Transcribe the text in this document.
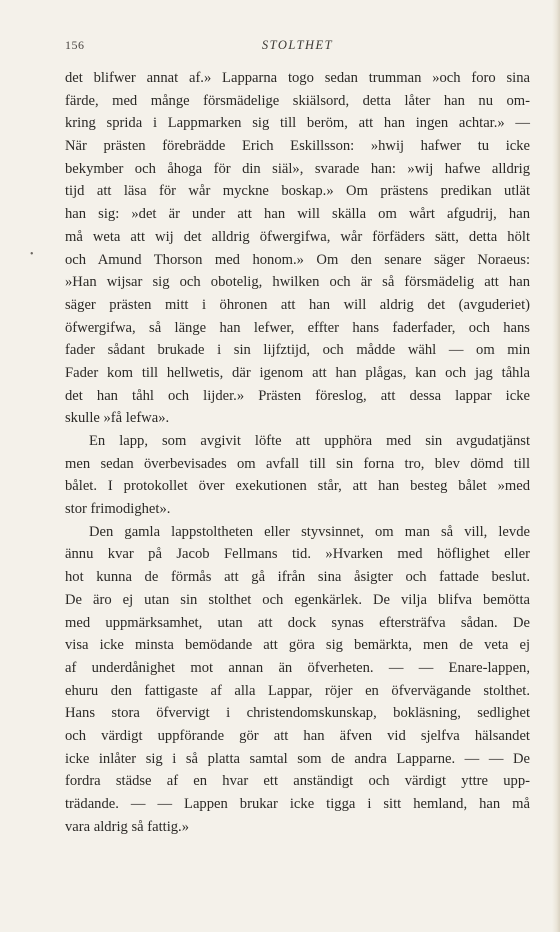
156	STOLTHET
•
det blifwer annat af.» Lapparna togo sedan trumman »och foro sina
färde, med månge försmädelige skiälsord, detta låter han nu om-
kring sprida i Lappmarken sig till beröm, att han ingen achtar.» —
När prästen förebrädde Erich Eskillsson: »hwij hafwer tu icke
bekymber och åhoga för din siäl», svarade han: »wij hafwe alldrig
tijd att läsa för wår myckne boskap.» Om prästens predikan utlät
han sig: »det är under att han will skälla om wårt afgudrij, han
må weta att wij det alldrig öfwergifwa, wår förfäders sätt, detta hölt
och Amund Thorson med honom.» Om den senare säger Noraeus:
»Han wijsar sig och obotelig, hwilken och är så försmädelig att han
säger prästen mitt i öhronen att han will aldrig det (avguderiet)
öfwergifwa, så länge han lefwer, effter hans faderfader, och hans
fader sådant brukade i sin lijfztijd, och mådde wähl — om min
Fader kom till hellwetis, där igenom att han plågas, kan och jag tåhla
det han tåhl och lijder.» Prästen föreslog, att dessa lappar icke
skulle »få lefwa».
En lapp, som avgivit löfte att upphöra med sin avgudatjänst
men sedan överbevisades om avfall till sin forna tro, blev dömd till
bålet. I protokollet över exekutionen står, att han besteg bålet »med
stor frimodighet».
Den gamla lappstoltheten eller styvsinnet, om man så vill, levde
ännu kvar på Jacob Fellmans tid. »Hvarken med höflighet eller
hot kunna de förmås att gå ifrån sina åsigter och fattade beslut.
De äro ej utan sin stolthet och egenkärlek. De vilja blifva bemötta
med uppmärksamhet, utan att dock synas eftersträfva sådan. De
visa icke minsta bemödande att göra sig bemärkta, men de veta ej
af underdånighet mot annan än öfverheten. — — Enare-lappen,
ehuru den fattigaste af alla Lappar, röjer en öfvervägande stolthet.
Hans stora öfvervigt i christendomskunskap, bokläsning, sedlighet
och värdigt uppförande gör att han äfven vid sjelfva hälsandet
icke inlåter sig i så platta samtal som de andra Lapparne. — — De
fordra städse af en hvar ett anständigt och värdigt yttre upp-
trädande. — — Lappen brukar icke tigga i sitt hemland, han må
vara aldrig så fattig.»
